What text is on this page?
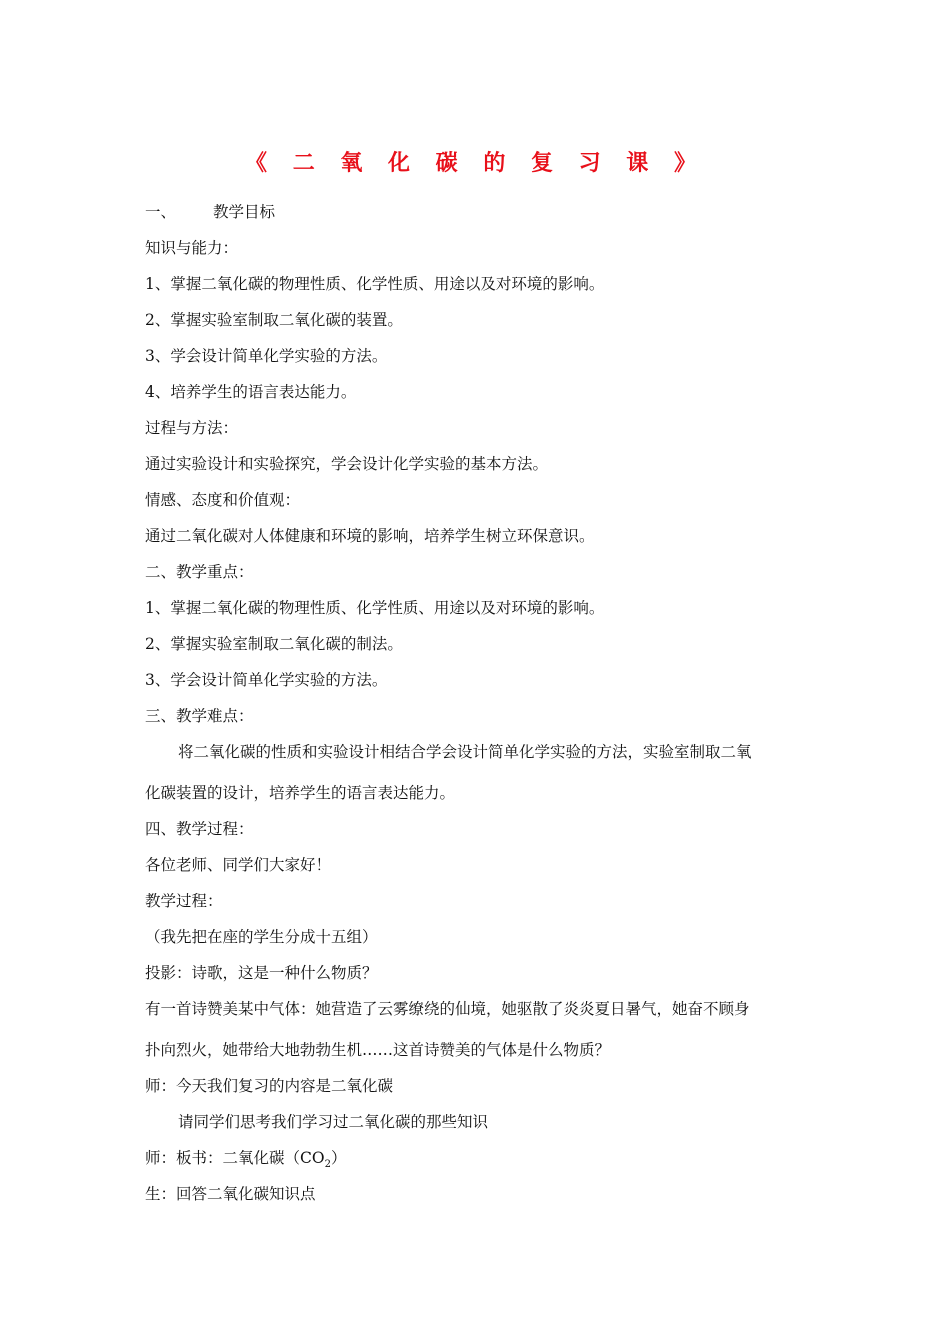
《 二 氧 化 碳 的 复 习 课 》
一、 教学目标
知识与能力：
1、掌握二氧化碳的物理性质、化学性质、用途以及对环境的影响。
2、掌握实验室制取二氧化碳的装置。
3、学会设计简单化学实验的方法。
4、培养学生的语言表达能力。
过程与方法：
通过实验设计和实验探究，学会设计化学实验的基本方法。
情感、态度和价值观：
通过二氧化碳对人体健康和环境的影响，培养学生树立环保意识。
二、教学重点：
1、掌握二氧化碳的物理性质、化学性质、用途以及对环境的影响。
2、掌握实验室制取二氧化碳的制法。
3、学会设计简单化学实验的方法。
三、教学难点：
将二氧化碳的性质和实验设计相结合学会设计简单化学实验的方法，实验室制取二氧
化碳装置的设计，培养学生的语言表达能力。
四、教学过程：
各位老师、同学们大家好！
教学过程：
（我先把在座的学生分成十五组）
投影：诗歌，这是一种什么物质？
有一首诗赞美某中气体：她营造了云雾缭绕的仙境，她驱散了炎炎夏日暑气，她奋不顾身
扑向烈火，她带给大地勃勃生机……这首诗赞美的气体是什么物质？
师：今天我们复习的内容是二氧化碳
请同学们思考我们学习过二氧化碳的那些知识
师：板书：二氧化碳$(CO_2)$
生：回答二氧化碳知识点
